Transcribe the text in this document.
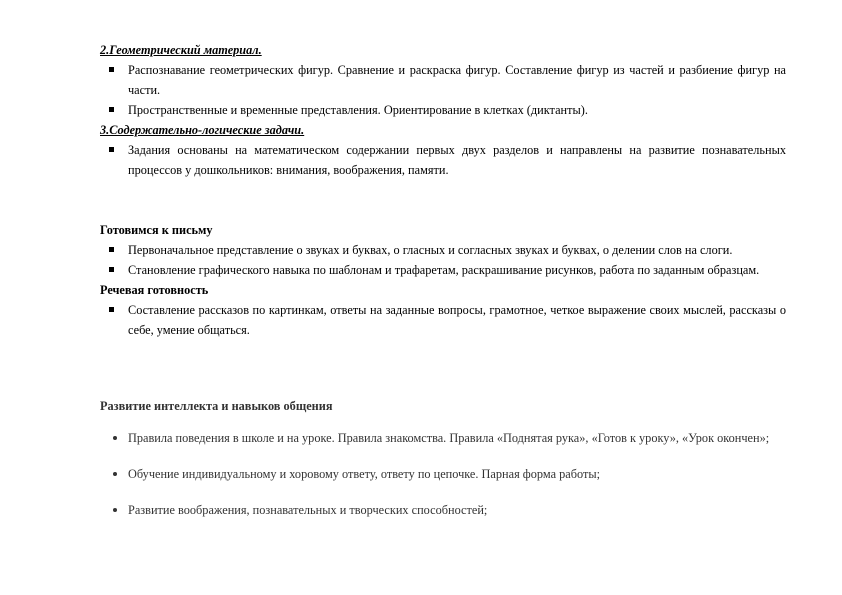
2.Геометрический материал.
Распознавание геометрических фигур. Сравнение и раскраска фигур. Составление фигур из частей и разбиение фигур на части.
Пространственные и временные представления. Ориентирование в клетках (диктанты).
3.Содержательно-логические задачи.
Задания основаны на математическом содержании первых двух разделов и направлены на развитие познавательных процессов у дошкольников: внимания, воображения, памяти.
Готовимся к письму
Первоначальное представление о звуках и буквах, о гласных и согласных звуках и буквах, о делении слов на слоги.
Становление графического навыка по шаблонам и трафаретам, раскрашивание рисунков, работа по заданным образцам.
Речевая готовность
Составление рассказов по картинкам, ответы на заданные вопросы, грамотное, четкое выражение своих мыслей, рассказы о себе, умение общаться.
Развитие интеллекта и навыков общения
Правила поведения в школе и на уроке. Правила знакомства. Правила «Поднятая рука», «Готов к уроку», «Урок окончен»;
Обучение индивидуальному и хоровому ответу, ответу по цепочке. Парная форма работы;
Развитие воображения, познавательных и творческих способностей;
